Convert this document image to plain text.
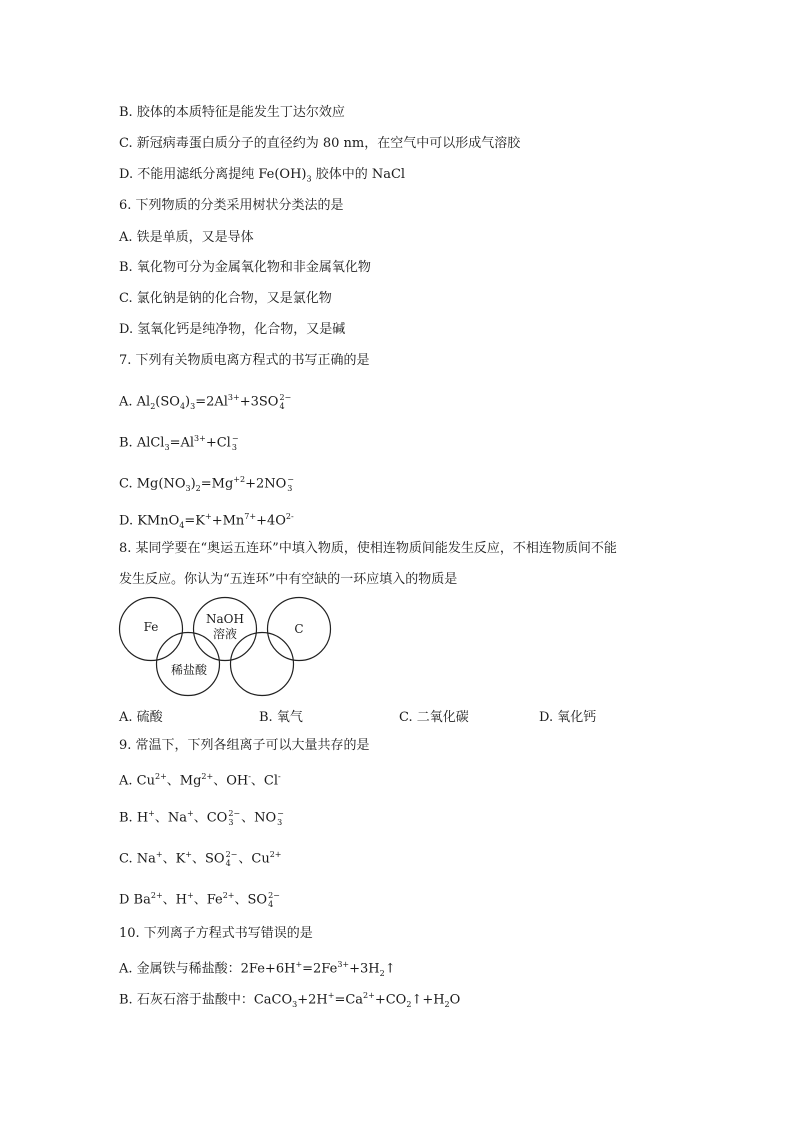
B. 胶体的本质特征是能发生丁达尔效应
C. 新冠病毒蛋白质分子的直径约为 80 nm，在空气中可以形成气溶胶
D. 不能用滤纸分离提纯 $Fe(OH)_3$ 胶体中的 NaCl
6. 下列物质的分类采用树状分类法的是
A. 铁是单质，又是导体
B. 氧化物可分为金属氧化物和非金属氧化物
C. 氯化钠是钠的化合物，又是氯化物
D. 氢氧化钙是纯净物，化合物，又是碱
7. 下列有关物质电离方程式的书写正确的是
A. $Al_2(SO_4)_3=2Al^{3+}+3SO$ 2−
4
B. $AlCl_3=Al^{3+}+Cl$ −
3
C. $Mg(NO_3)_2=Mg^{+2}+2NO$ −
3
D. $KMnO_4=K^++Mn^{7+}+4O^{2-}$
8. 某同学要在“奥运五连环”中填入物质，使相连物质间能发生反应，不相连物质间不能
发生反应。你认为“五连环”中有空缺的一环应填入的物质是
Fe
NaOH
溶液	C
稀盐酸
A. 硫酸	B. 氧气	C. 二氧化碳	D. 氧化钙
9. 常温下，下列各组离子可以大量共存的是
A. $Cu^{2+}$、$Mg^{2+}$、OH-、Cl-
B. H+、Na+、CO 2−
3 、NO −
3
C. Na+、K+、SO 2−
4 、$Cu^{2+}$
D $Ba^{2+}$、H+、$Fe^{2+}$、SO 2−
4
10. 下列离子方程式书写错误的是
A. 金属铁与稀盐酸：$2Fe+6H^+=2Fe^{3+}+3H_2↑$
B. 石灰石溶于盐酸中：$CaCO_3+2H^+=Ca^{2+}+CO_2↑+H_2O$
